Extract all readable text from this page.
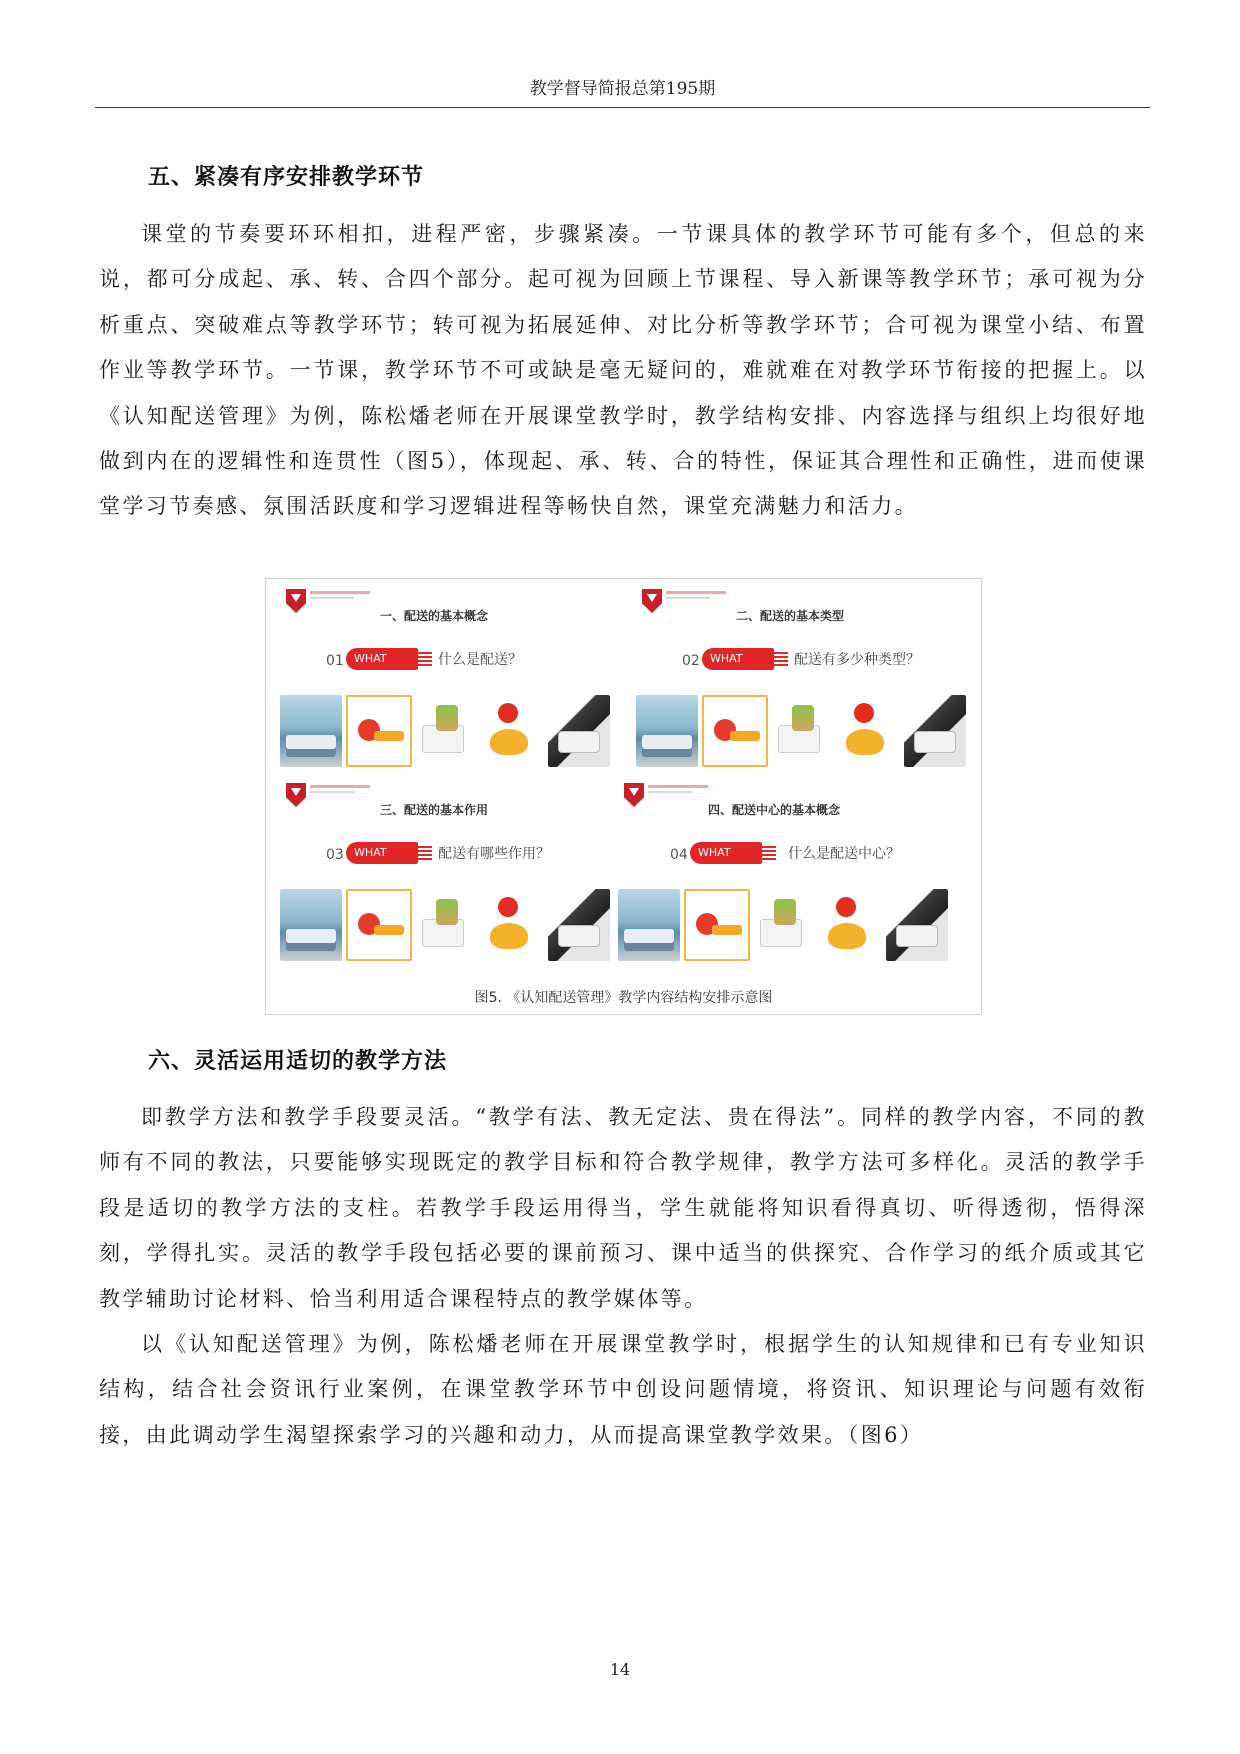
教学督导简报总第195期
五、紧凑有序安排教学环节

课堂的节奏要环环相扣，进程严密，步骤紧凑。一节课具体的教学环节可能有多个，但总的来说，都可分成起、承、转、合四个部分。起可视为回顾上节课程、导入新课等教学环节；承可视为分析重点、突破难点等教学环节；转可视为拓展延伸、对比分析等教学环节；合可视为课堂小结、布置作业等教学环节。一节课，教学环节不可或缺是毫无疑问的，难就难在对教学环节衔接的把握上。以《认知配送管理》为例，陈松燔老师在开展课堂教学时，教学结构安排、内容选择与组织上均很好地做到内在的逻辑性和连贯性（图5），体现起、承、转、合的特性，保证其合理性和正确性，进而使课堂学习节奏感、氛围活跃度和学习逻辑进程等畅快自然，课堂充满魅力和活力。

一、配送的基本概念
01 WHAT	什么是配送？
二、配送的基本类型
02 WHAT	配送有多少种类型？
三、配送的基本作用
03 WHAT	配送有哪些作用？
四、配送中心的基本概念
04 WHAT	什么是配送中心？
图5. 《认知配送管理》教学内容结构安排示意图
六、灵活运用适切的教学方法

即教学方法和教学手段要灵活。“教学有法、教无定法、贵在得法”。同样的教学内容，不同的教师有不同的教法，只要能够实现既定的教学目标和符合教学规律，教学方法可多样化。灵活的教学手段是适切的教学方法的支柱。若教学手段运用得当，学生就能将知识看得真切、听得透彻，悟得深刻，学得扎实。灵活的教学手段包括必要的课前预习、课中适当的供探究、合作学习的纸介质或其它教学辅助讨论材料、恰当利用适合课程特点的教学媒体等。

以《认知配送管理》为例，陈松燔老师在开展课堂教学时，根据学生的认知规律和已有专业知识结构，结合社会资讯行业案例，在课堂教学环节中创设问题情境，将资讯、知识理论与问题有效衔接，由此调动学生渴望探索学习的兴趣和动力，从而提高课堂教学效果。（图6）

14
